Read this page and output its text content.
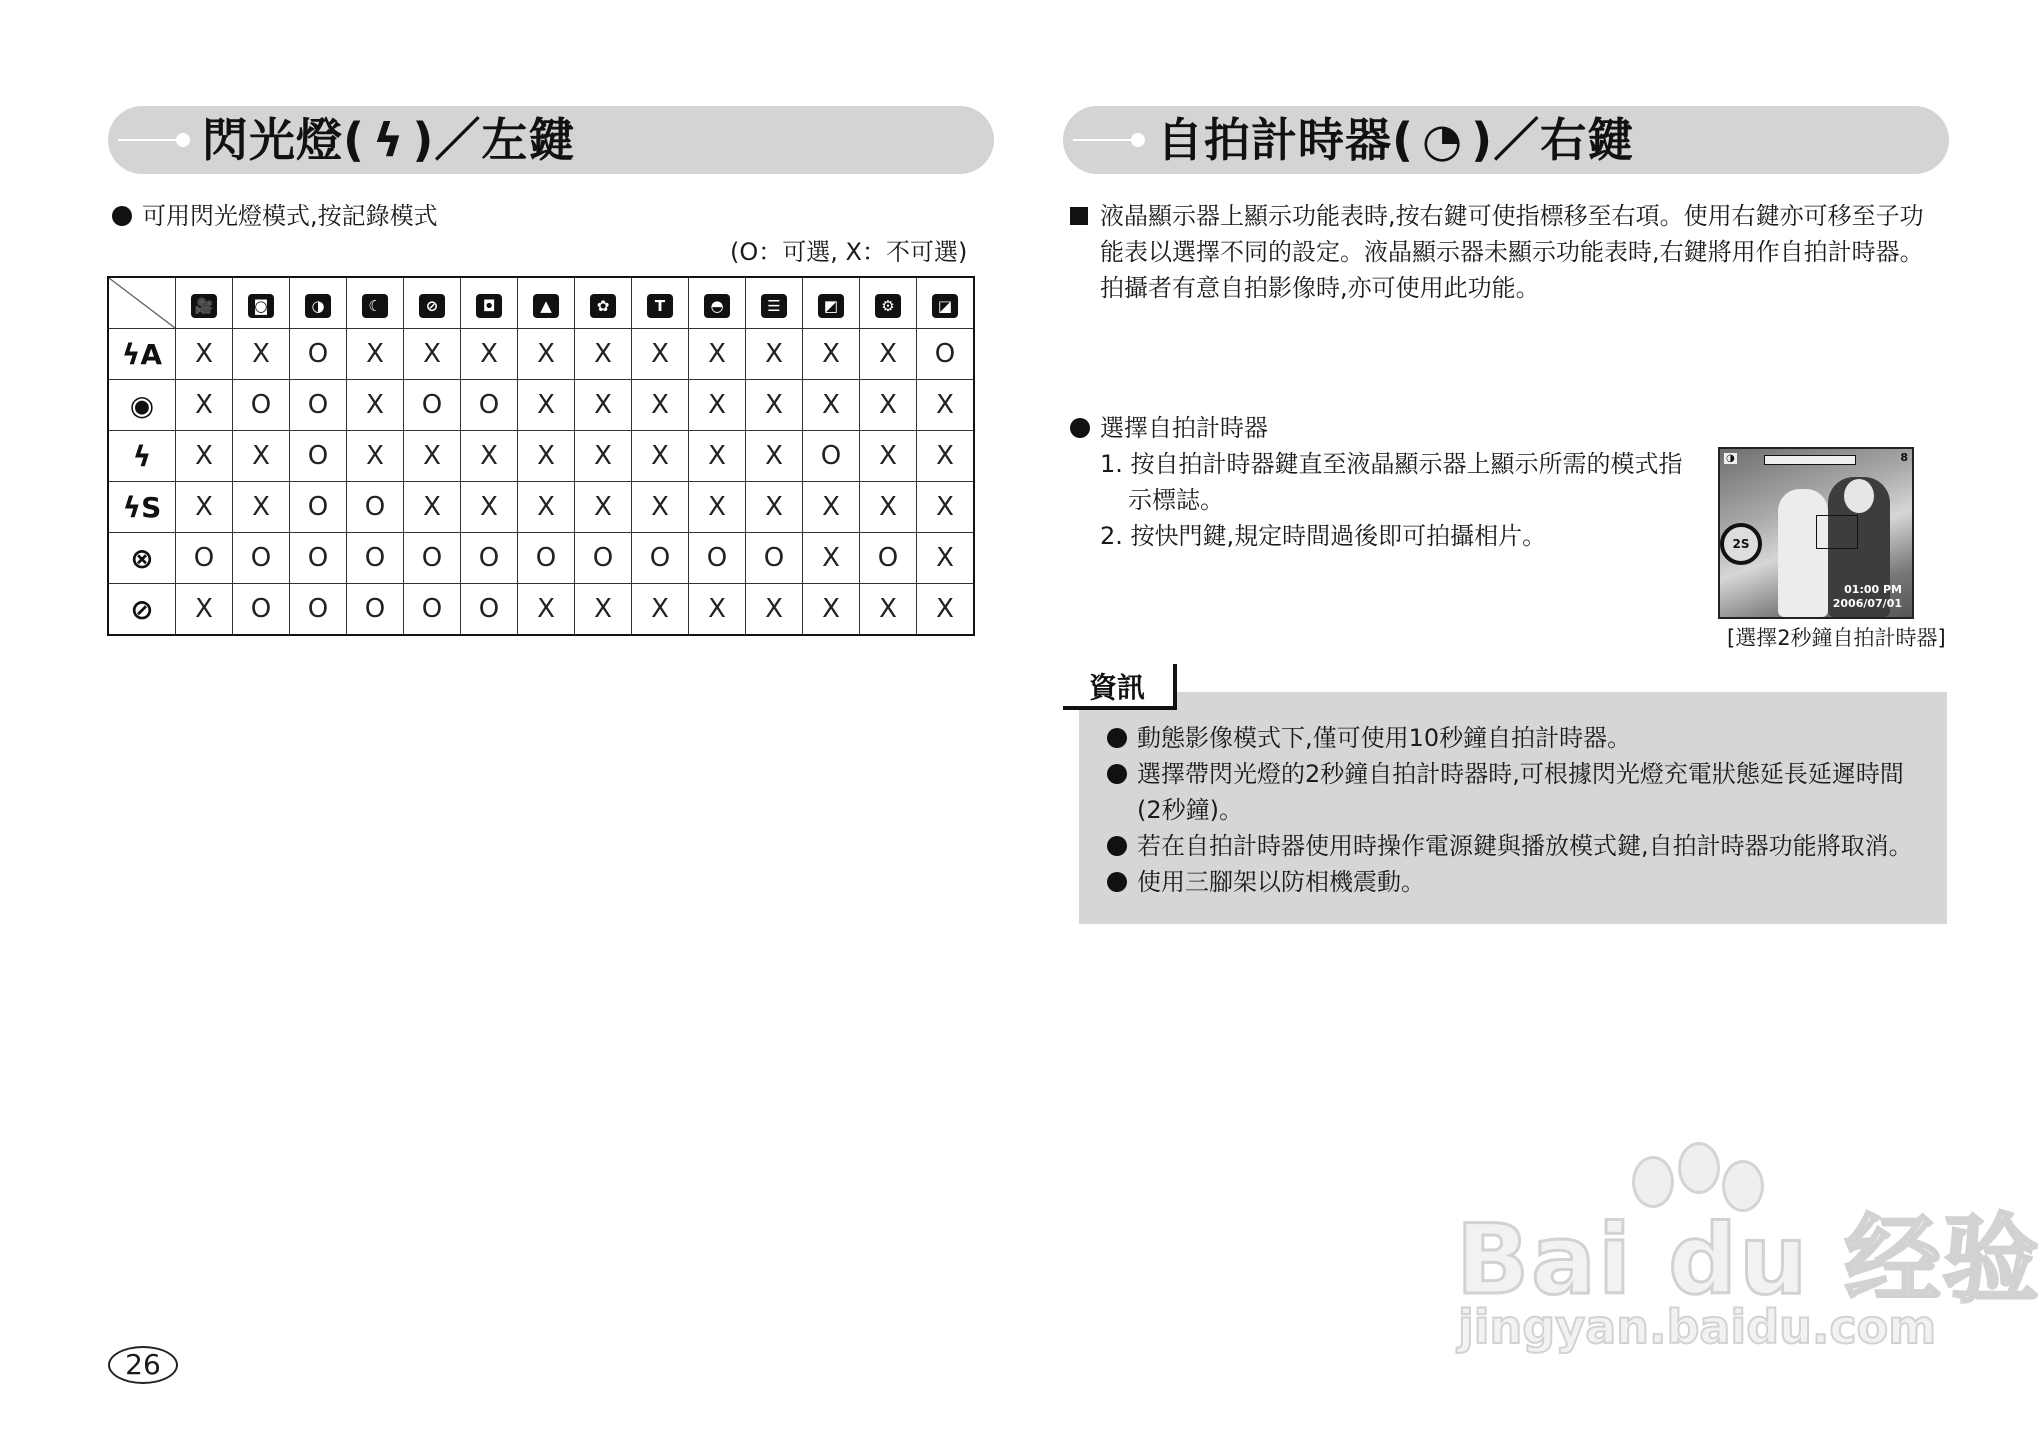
閃光燈( ϟ )／左鍵	自拍計時器( ◔ )／右鍵
可用閃光燈模式,按記錄模式
(O：可選, X：不可選)
	🎥	◙	◑	☾	⊘	◘	▲	✿	T	◓	☰	◩	⚙	◪
ϟA	X	X	O	X	X	X	X	X	X	X	X	X	X	O
◉	X	O	O	X	O	O	X	X	X	X	X	X	X	X
ϟ	X	X	O	X	X	X	X	X	X	X	X	O	X	X
ϟS	X	X	O	O	X	X	X	X	X	X	X	X	X	X
⊗	O	O	O	O	O	O	O	O	O	O	O	X	O	X
⊘	X	O	O	O	O	O	X	X	X	X	X	X	X	X
液晶顯示器上顯示功能表時,按右鍵可使指標移至右項。使用右鍵亦可移至子功
能表以選擇不同的設定。液晶顯示器未顯示功能表時,右鍵將用作自拍計時器。
拍攝者有意自拍影像時,亦可使用此功能。
選擇自拍計時器
1. 按自拍計時器鍵直至液晶顯示器上顯示所需的模式指
示標誌。
2. 按快門鍵,規定時間過後即可拍攝相片。
◑	8
2S
01:00 PM
2006/07/01
[選擇2秒鐘自拍計時器]
資訊
動態影像模式下,僅可使用10秒鐘自拍計時器。
選擇帶閃光燈的2秒鐘自拍計時器時,可根據閃光燈充電狀態延長延遲時間
(2秒鐘)。
若在自拍計時器使用時操作電源鍵與播放模式鍵,自拍計時器功能將取消。
使用三腳架以防相機震動。
Bai du 经验
jingyan.baidu.com
26
